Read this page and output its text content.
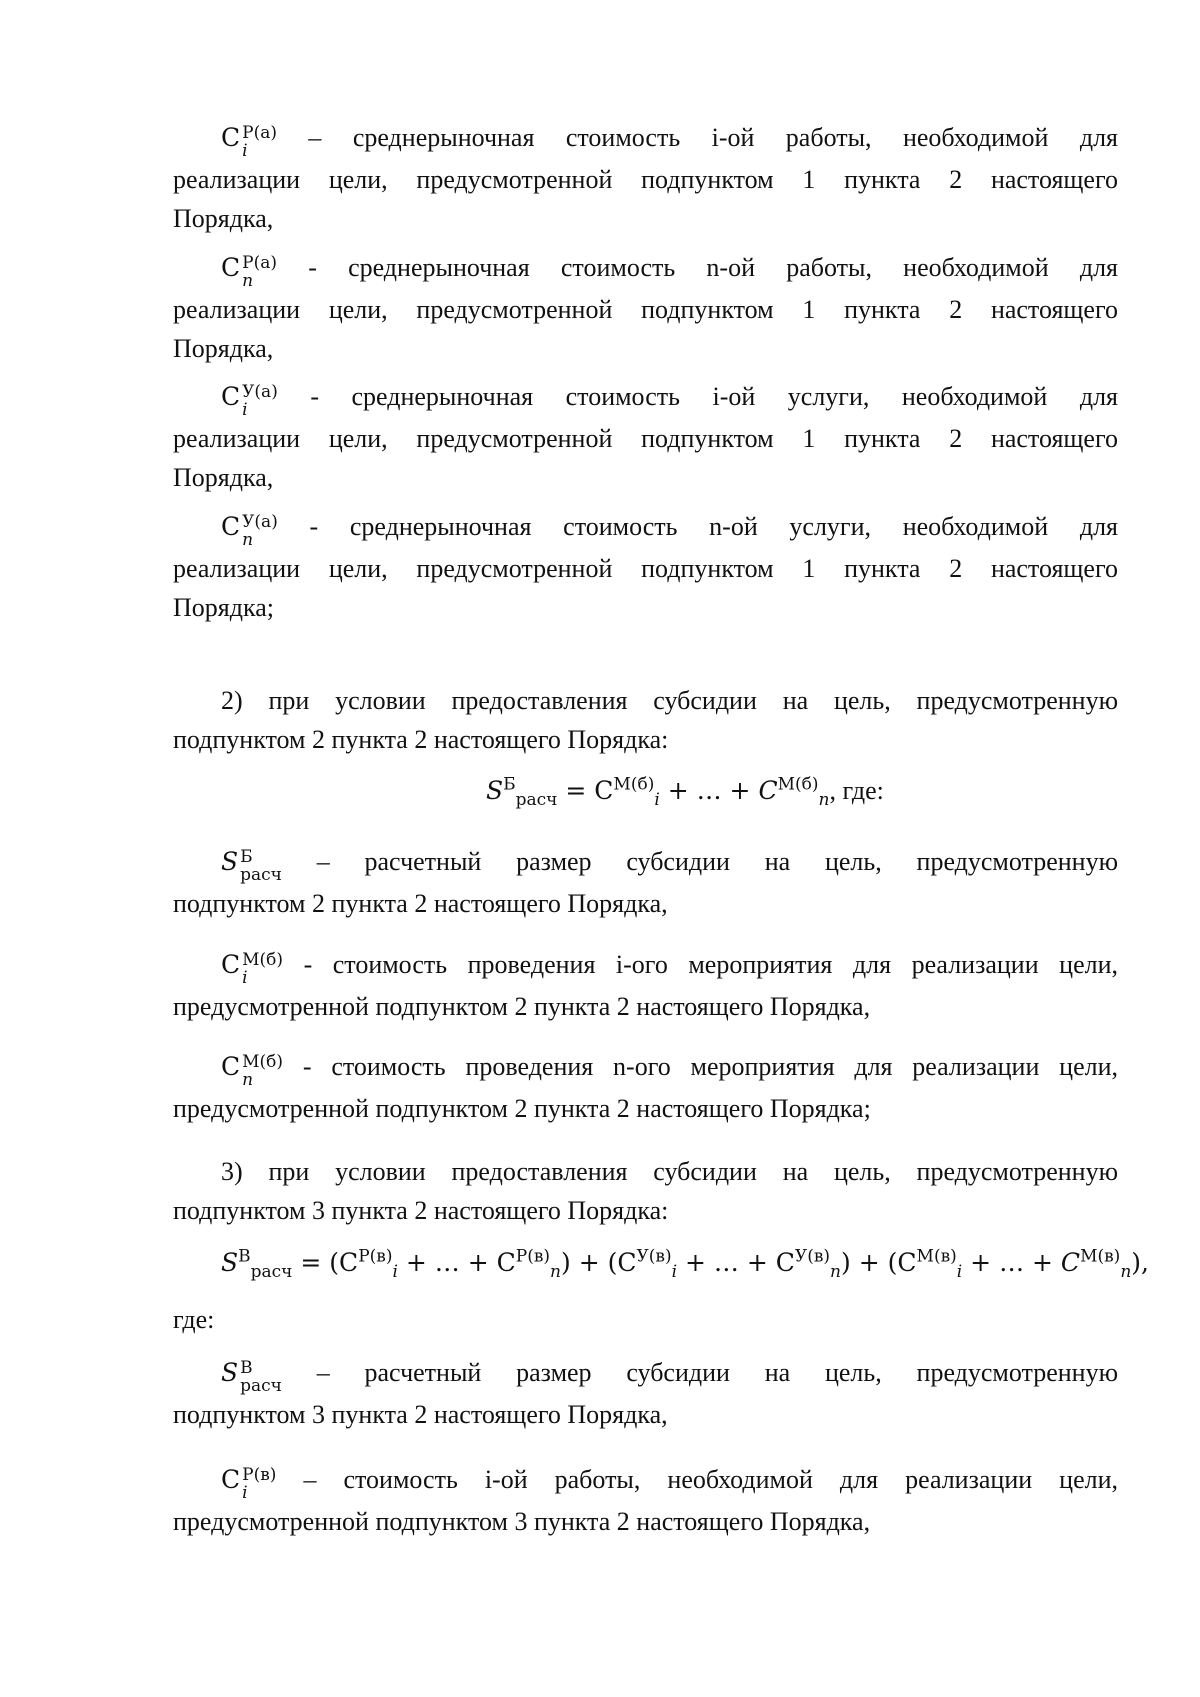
C Р(а)
i	– среднерыночная стоимость i-ой работы, необходимой для
реализации цели, предусмотренной подпунктом 1 пункта 2 настоящего
Порядка,
C Р(а)
n	- среднерыночная стоимость n-ой работы, необходимой для
реализации цели, предусмотренной подпунктом 1 пункта 2 настоящего
Порядка,
C У(а)
i	- среднерыночная стоимость i-ой услуги, необходимой для
реализации цели, предусмотренной подпунктом 1 пункта 2 настоящего
Порядка,
C У(а)
n	- среднерыночная стоимость n-ой услуги, необходимой для
реализации цели, предусмотренной подпунктом 1 пункта 2 настоящего
Порядка;
2) при условии предоставления субсидии на цель, предусмотренную
подпунктом 2 пункта 2 настоящего Порядка:
$S^Б_{расч} = C^{М(б)}_i$ + … + $C^{М(б)}_n$, где:
S Б
расч – расчетный размер субсидии на цель, предусмотренную
подпунктом 2 пункта 2 настоящего Порядка,
C М(б)
i	- стоимость проведения i-ого мероприятия для реализации цели,
предусмотренной подпунктом 2 пункта 2 настоящего Порядка,
C М(б)
n	- стоимость проведения n-ого мероприятия для реализации цели,
предусмотренной подпунктом 2 пункта 2 настоящего Порядка;
3) при условии предоставления субсидии на цель, предусмотренную
подпунктом 3 пункта 2 настоящего Порядка:
$S^В_{расч} = (C^{Р(в)}_i$ + … + $C^{Р(в)}_n) + (C^{У(в)}_i$ + … + $C^{У(в)}_n) + (C^{М(в)}_i$ + … + $C^{М(в)}_n$),
где:
S В
расч – расчетный размер субсидии на цель, предусмотренную
подпунктом 3 пункта 2 настоящего Порядка,
C Р(в)
i	– стоимость i-ой работы, необходимой для реализации цели,
предусмотренной подпунктом 3 пункта 2 настоящего Порядка,
